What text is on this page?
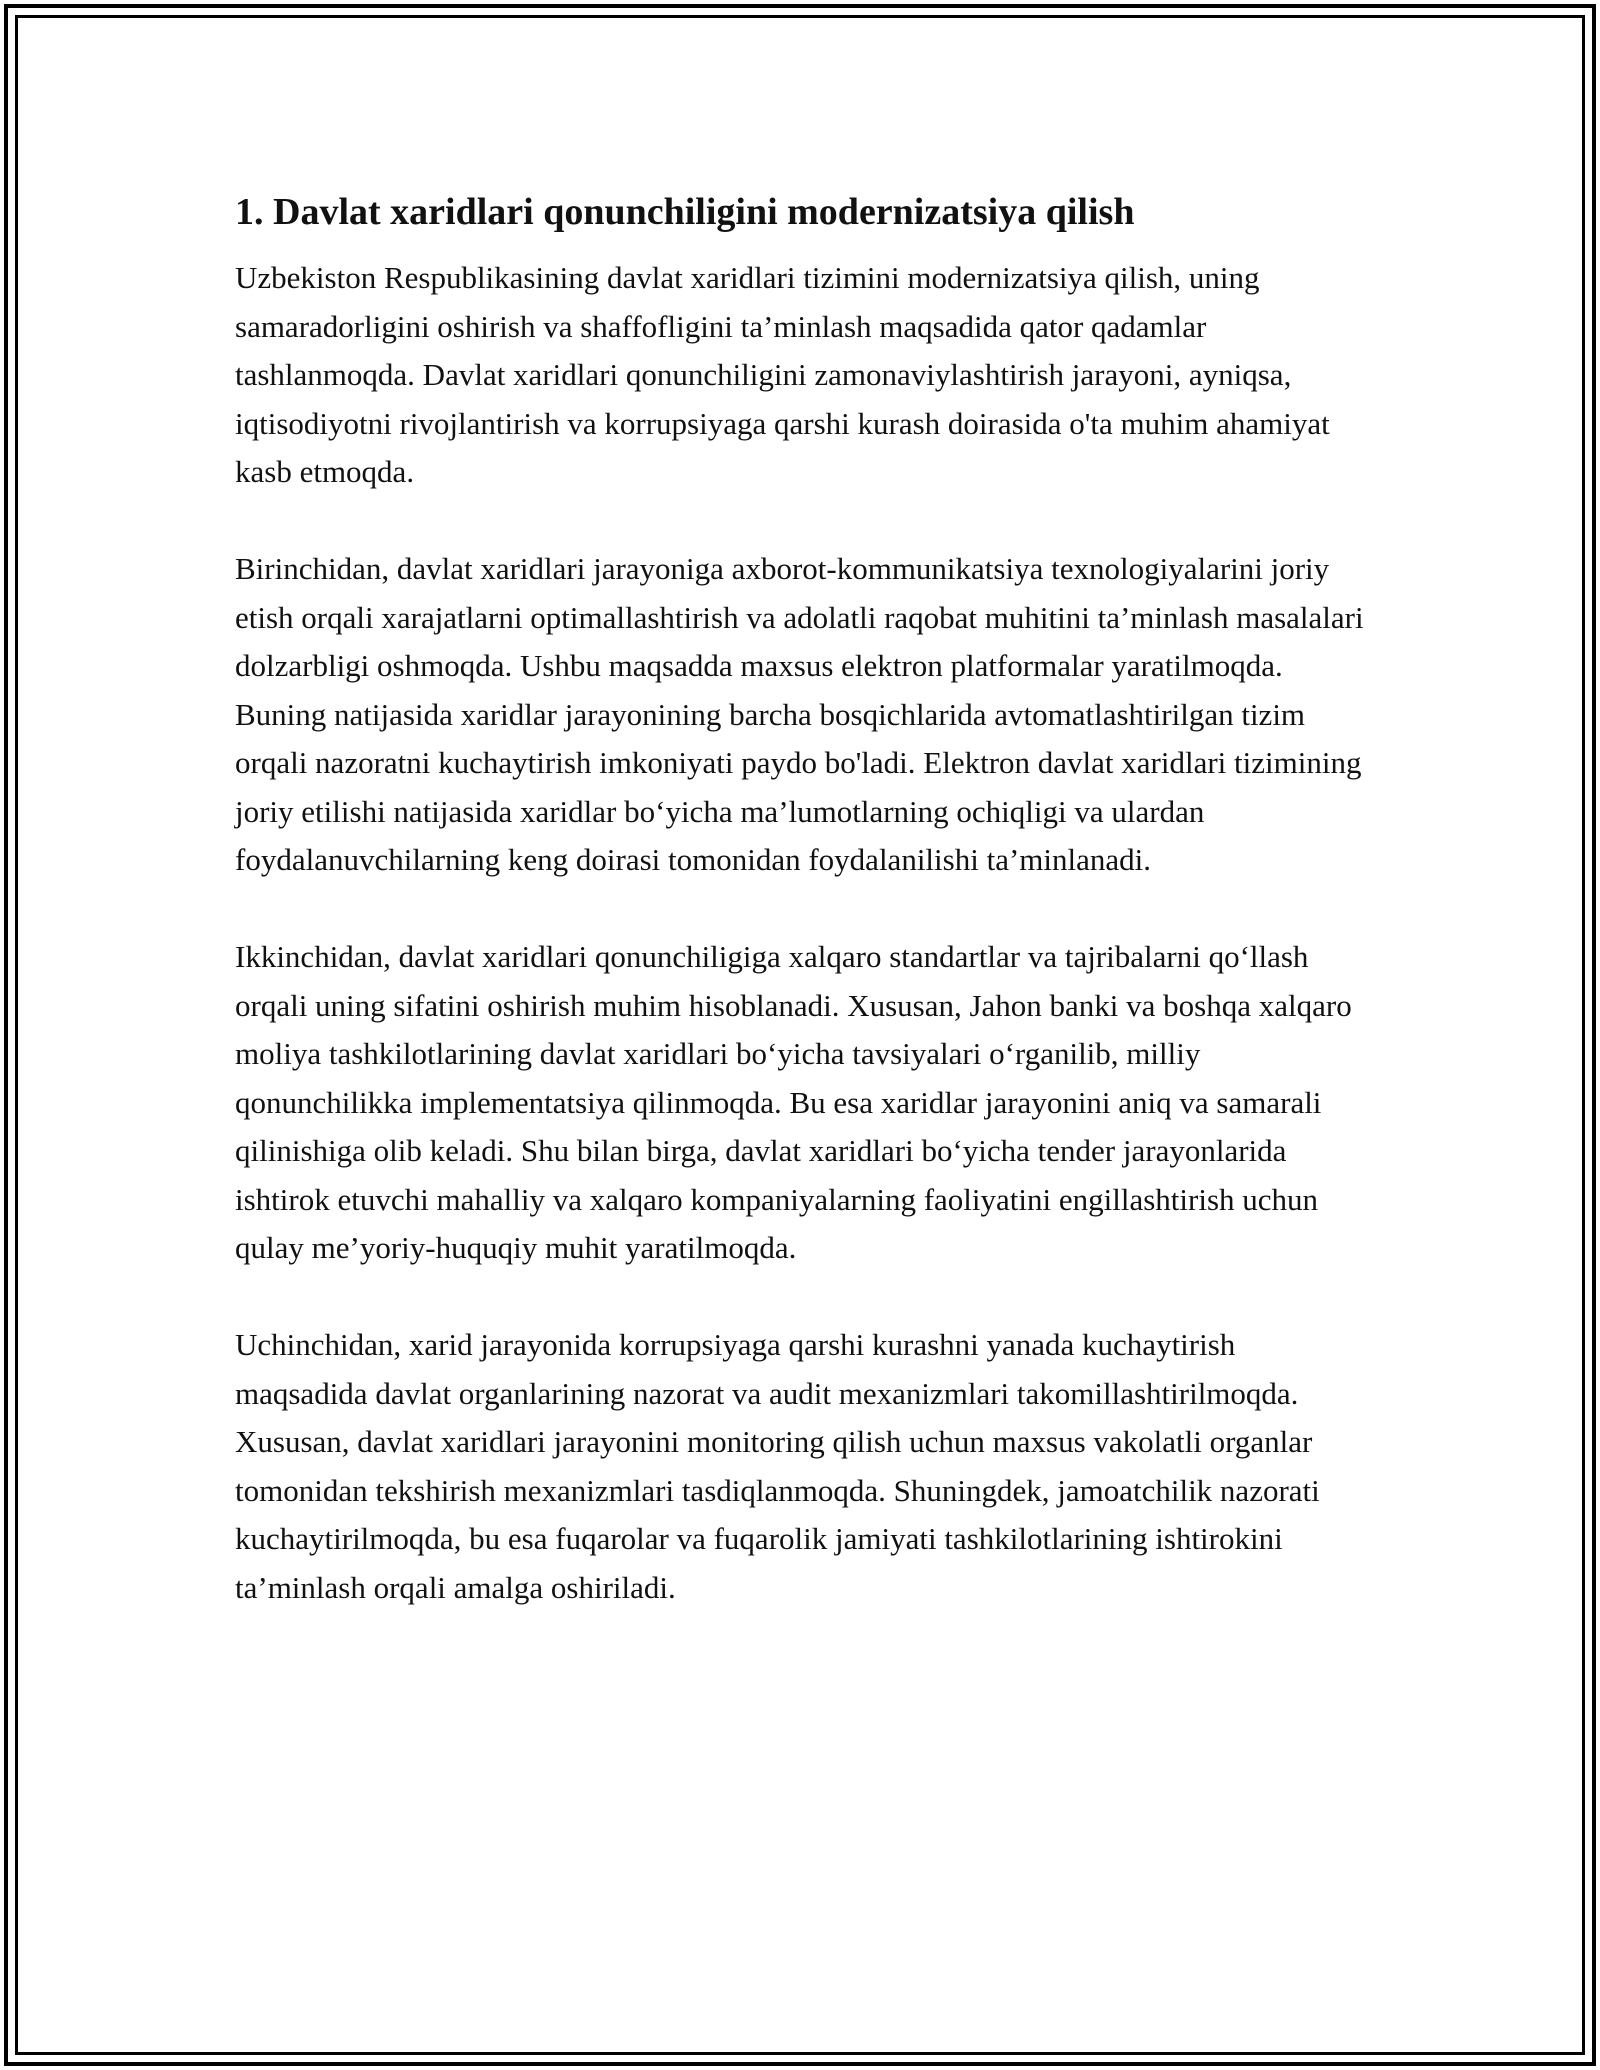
1. Davlat xaridlari qonunchiligini modernizatsiya qilish

Uzbekiston Respublikasining davlat xaridlari tizimini modernizatsiya qilish, uning samaradorligini oshirish va shaffofligini ta’minlash maqsadida qator qadamlar tashlanmoqda. Davlat xaridlari qonunchiligini zamonaviylashtirish jarayoni, ayniqsa, iqtisodiyotni rivojlantirish va korrupsiyaga qarshi kurash doirasida o'ta muhim ahamiyat kasb etmoqda.

Birinchidan, davlat xaridlari jarayoniga axborot-kommunikatsiya texnologiyalarini joriy etish orqali xarajatlarni optimallashtirish va adolatli raqobat muhitini ta’minlash masalalari dolzarbligi oshmoqda. Ushbu maqsadda maxsus elektron platformalar yaratilmoqda. Buning natijasida xaridlar jarayonining barcha bosqichlarida avtomatlashtirilgan tizim orqali nazoratni kuchaytirish imkoniyati paydo bo'ladi. Elektron davlat xaridlari tizimining joriy etilishi natijasida xaridlar bo‘yicha ma’lumotlarning ochiqligi va ulardan foydalanuvchilarning keng doirasi tomonidan foydalanilishi ta’minlanadi.

Ikkinchidan, davlat xaridlari qonunchiligiga xalqaro standartlar va tajribalarni qo‘llash orqali uning sifatini oshirish muhim hisoblanadi. Xususan, Jahon banki va boshqa xalqaro moliya tashkilotlarining davlat xaridlari bo‘yicha tavsiyalari o‘rganilib, milliy qonunchilikka implementatsiya qilinmoqda. Bu esa xaridlar jarayonini aniq va samarali qilinishiga olib keladi. Shu bilan birga, davlat xaridlari bo‘yicha tender jarayonlarida ishtirok etuvchi mahalliy va xalqaro kompaniyalarning faoliyatini engillashtirish uchun qulay me’yoriy-huquqiy muhit yaratilmoqda.

Uchinchidan, xarid jarayonida korrupsiyaga qarshi kurashni yanada kuchaytirish maqsadida davlat organlarining nazorat va audit mexanizmlari takomillashtirilmoqda. Xususan, davlat xaridlari jarayonini monitoring qilish uchun maxsus vakolatli organlar tomonidan tekshirish mexanizmlari tasdiqlanmoqda. Shuningdek, jamoatchilik nazorati kuchaytirilmoqda, bu esa fuqarolar va fuqarolik jamiyati tashkilotlarining ishtirokini ta’minlash orqali amalga oshiriladi.
